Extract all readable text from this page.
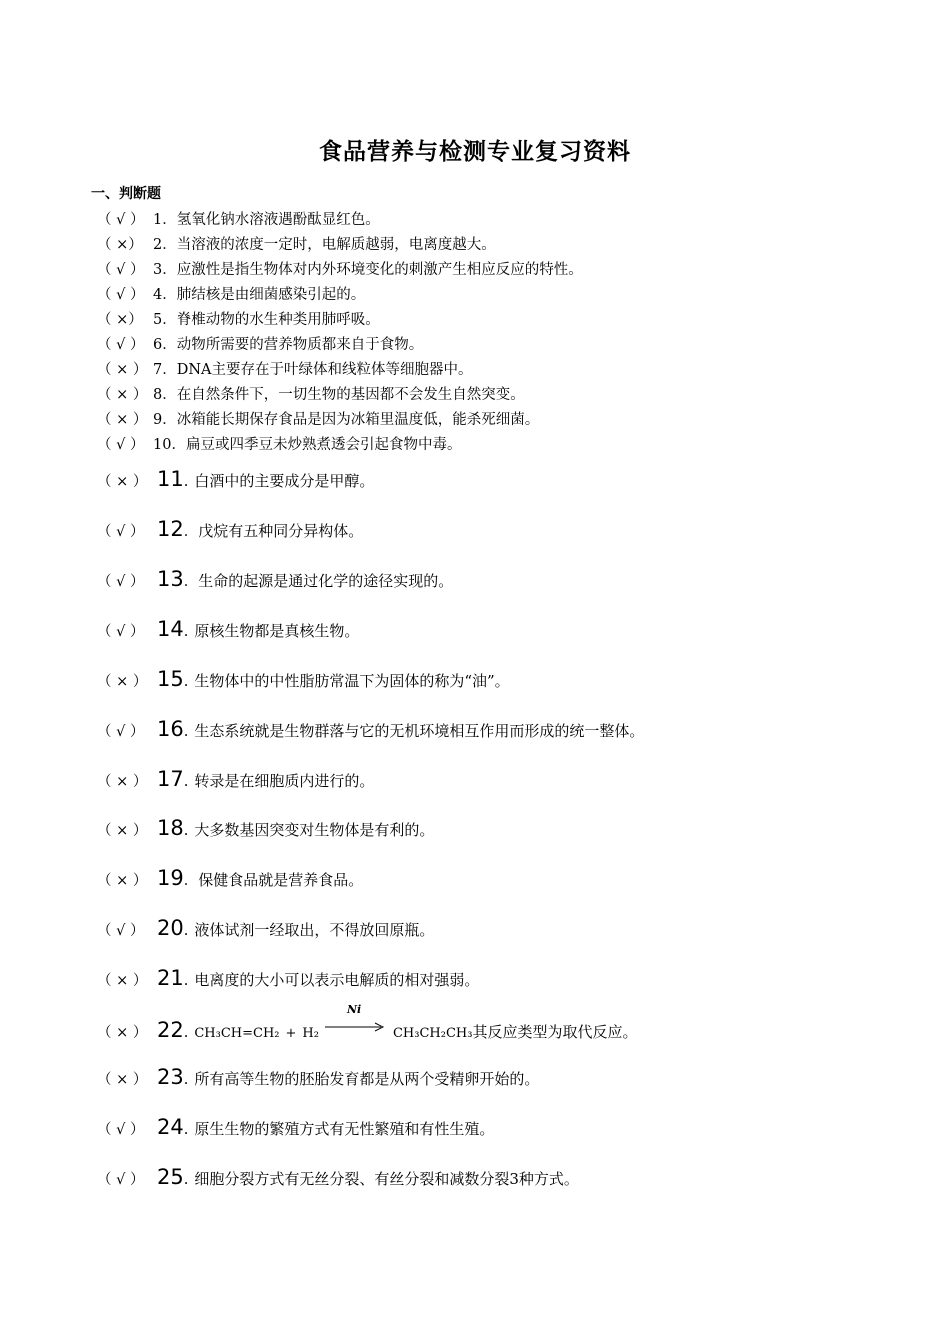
食品营养与检测专业复习资料
一、判断题
（ √ ） 1． 氢氧化钠水溶液遇酚酞显红色。
（ ×） 2． 当溶液的浓度一定时，电解质越弱，电离度越大。
（ √ ） 3． 应激性是指生物体对内外环境变化的刺激产生相应反应的特性。
（ √ ） 4． 肺结核是由细菌感染引起的。
（ ×） 5． 脊椎动物的水生种类用肺呼吸。
（ √ ） 6． 动物所需要的营养物质都来自于食物。
（ × ） 7． DNA主要存在于叶绿体和线粒体等细胞器中。
（ × ） 8． 在自然条件下，一切生物的基因都不会发生自然突变。
（ × ） 9． 冰箱能长期保存食品是因为冰箱里温度低，能杀死细菌。
（ √ ） 10． 扁豆或四季豆未炒熟煮透会引起食物中毒。
（ × ） 11 . 白酒中的主要成分是甲醇。
（ √ ） 12 ． 戊烷有五种同分异构体。
（ √ ） 13 ． 生命的起源是通过化学的途径实现的。
（ √ ） 14 . 原核生物都是真核生物。
（ × ） 15 . 生物体中的中性脂肪常温下为固体的称为“油”。
（ √ ） 16 . 生态系统就是生物群落与它的无机环境相互作用而形成的统一整体。
（ × ） 17 . 转录是在细胞质内进行的。
（ × ） 18 . 大多数基因突变对生物体是有利的。
（ × ） 19 ． 保健食品就是营养食品。
（ √ ） 20 . 液体试剂一经取出，不得放回原瓶。
（ × ） 21 . 电离度的大小可以表示电解质的相对强弱。
（ × ） 22 . CH₃CH=CH₂ + H₂
Ni
CH₃CH₂CH₃ 其反应类型为取代反应。
（ × ） 23 . 所有高等生物的胚胎发育都是从两个受精卵开始的。
（ √ ） 24 . 原生生物的繁殖方式有无性繁殖和有性生殖。
（ √ ） 25 . 细胞分裂方式有无丝分裂、有丝分裂和减数分裂3种方式。
